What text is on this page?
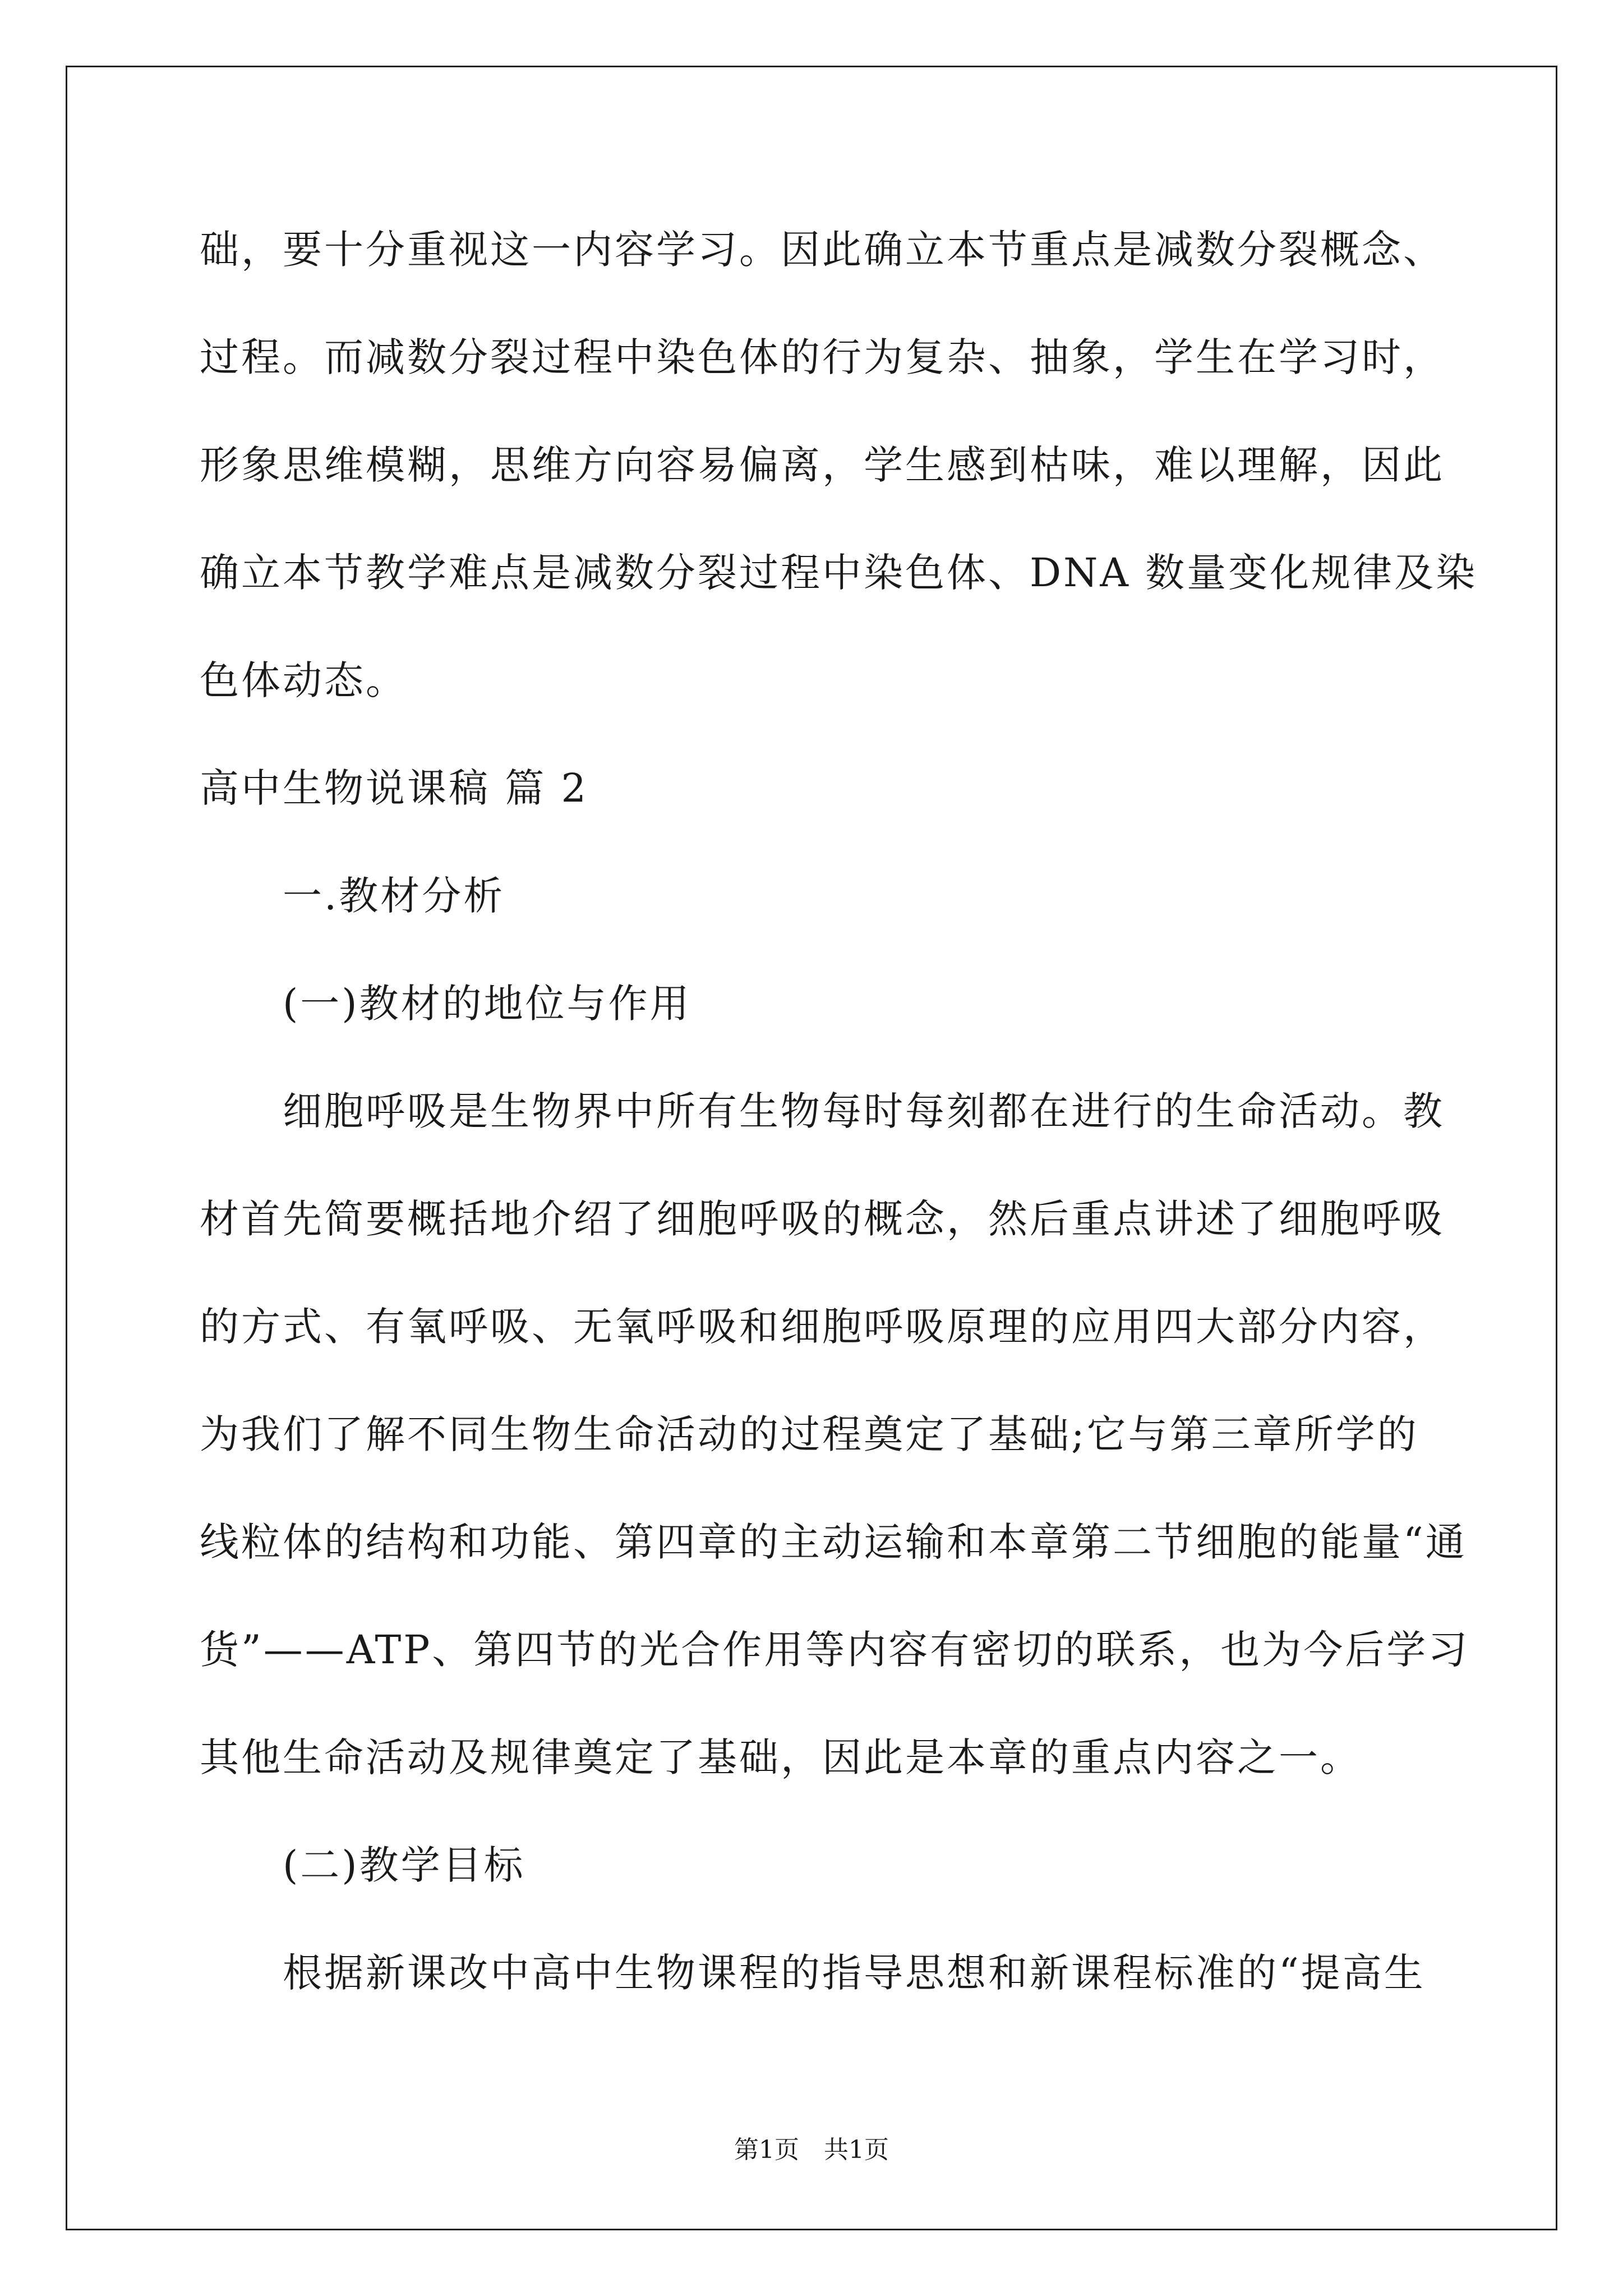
础，要十分重视这一内容学习。因此确立本节重点是减数分裂概念、
过程。而减数分裂过程中染色体的行为复杂、抽象，学生在学习时，
形象思维模糊，思维方向容易偏离，学生感到枯味，难以理解，因此
确立本节教学难点是减数分裂过程中染色体、DNA 数量变化规律及染
色体动态。
高中生物说课稿 篇 2
一.教材分析
(一)教材的地位与作用
细胞呼吸是生物界中所有生物每时每刻都在进行的生命活动。教
材首先简要概括地介绍了细胞呼吸的概念，然后重点讲述了细胞呼吸
的方式、有氧呼吸、无氧呼吸和细胞呼吸原理的应用四大部分内容，
为我们了解不同生物生命活动的过程奠定了基础;它与第三章所学的
线粒体的结构和功能、第四章的主动运输和本章第二节细胞的能量“通
货”——ATP、第四节的光合作用等内容有密切的联系，也为今后学习
其他生命活动及规律奠定了基础，因此是本章的重点内容之一。
(二)教学目标
根据新课改中高中生物课程的指导思想和新课程标准的“提高生
第1页　共1页
